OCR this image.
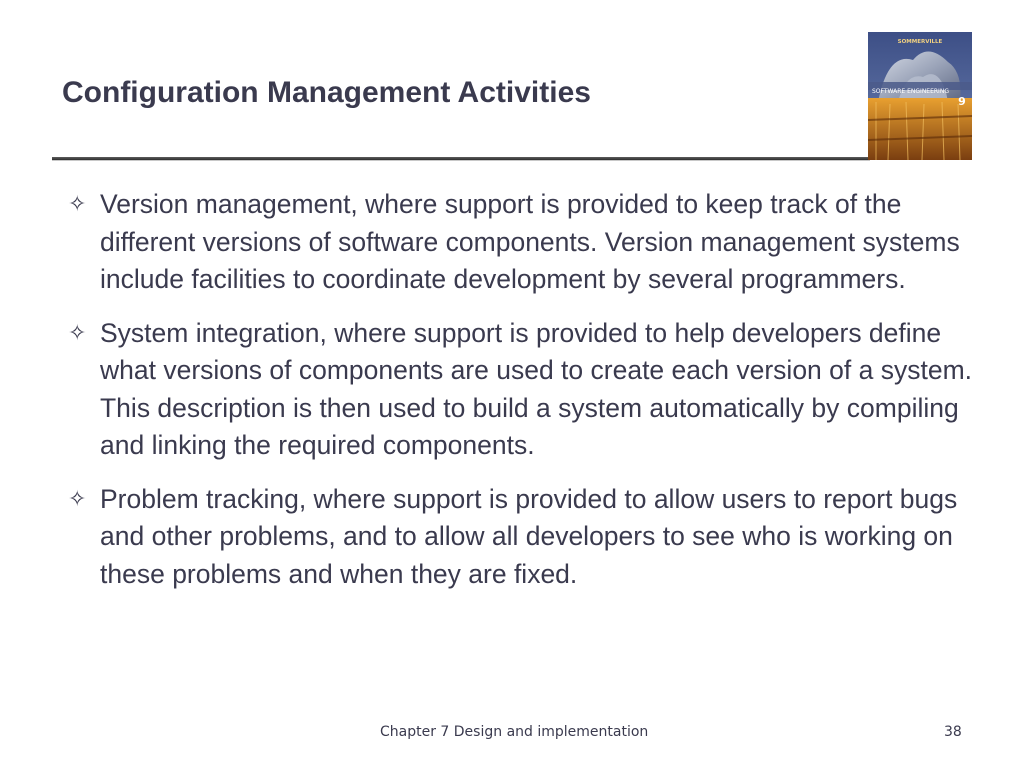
Configuration Management Activities
SOMMERVILLE
SOFTWARE ENGINEERING
9
✧ Version management, where support is provided to keep track of the different versions of software components. Version management systems include facilities to coordinate development by several programmers.
✧ System integration, where support is provided to help developers define what versions of components are used to create each version of a system. This description is then used to build a system automatically by compiling and linking the required components.
✧ Problem tracking, where support is provided to allow users to report bugs and other problems, and to allow all developers to see who is working on these problems and when they are fixed.
Chapter 7 Design and implementation	38
